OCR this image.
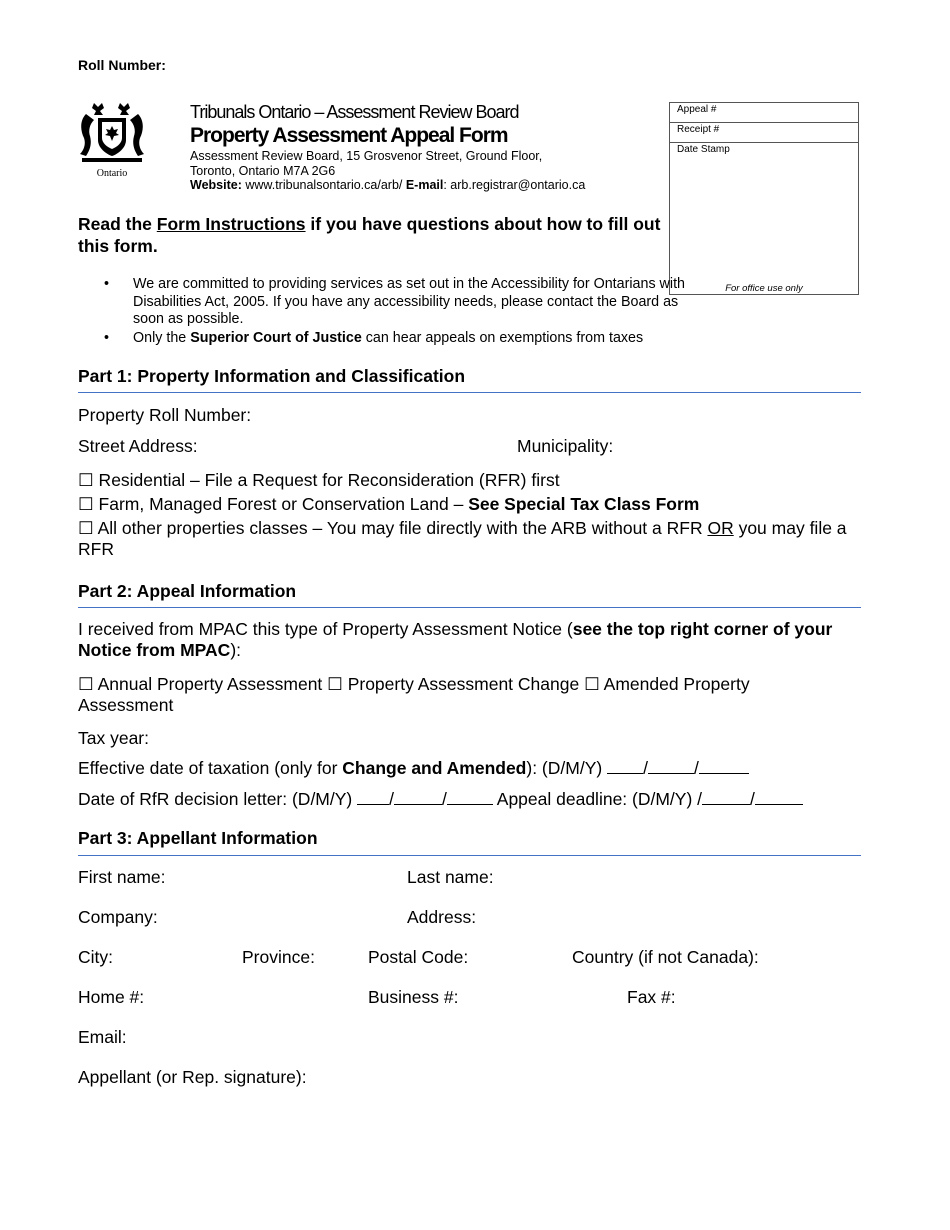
Roll Number:
Ontario
Tribunals Ontario – Assessment Review Board
Property Assessment Appeal Form
Assessment Review Board, 15 Grosvenor Street, Ground Floor,
Toronto, Ontario M7A 2G6
Website: www.tribunalsontario.ca/arb/ E-mail: arb.registrar@ontario.ca
Appeal #
Receipt #
Date Stamp
For office use only
Read the Form Instructions if you have questions about how to fill out this form.
• We are committed to providing services as set out in the Accessibility for Ontarians with Disabilities Act, 2005. If you have any accessibility needs, please contact the Board as soon as possible.
• Only the Superior Court of Justice can hear appeals on exemptions from taxes
Part 1: Property Information and Classification
Property Roll Number:
Street Address:	Municipality:
☐ Residential – File a Request for Reconsideration (RFR) first
☐ Farm, Managed Forest or Conservation Land – See Special Tax Class Form
☐ All other properties classes – You may file directly with the ARB without a RFR OR you may file a RFR
Part 2: Appeal Information
I received from MPAC this type of Property Assessment Notice (see the top right corner of your Notice from MPAC):
☐ Annual Property Assessment ☐ Property Assessment Change ☐ Amended Property Assessment
Tax year:
Effective date of taxation (only for Change and Amended): (D/M/Y) /	/
Date of RfR decision letter: (D/M/Y) /	/	Appeal deadline: (D/M/Y) /	/
Part 3: Appellant Information
First name:	Last name:
Company:	Address:
City:	Province:	Postal Code:	Country (if not Canada):
Home #:	Business #:	Fax #:
Email:
Appellant (or Rep. signature):
